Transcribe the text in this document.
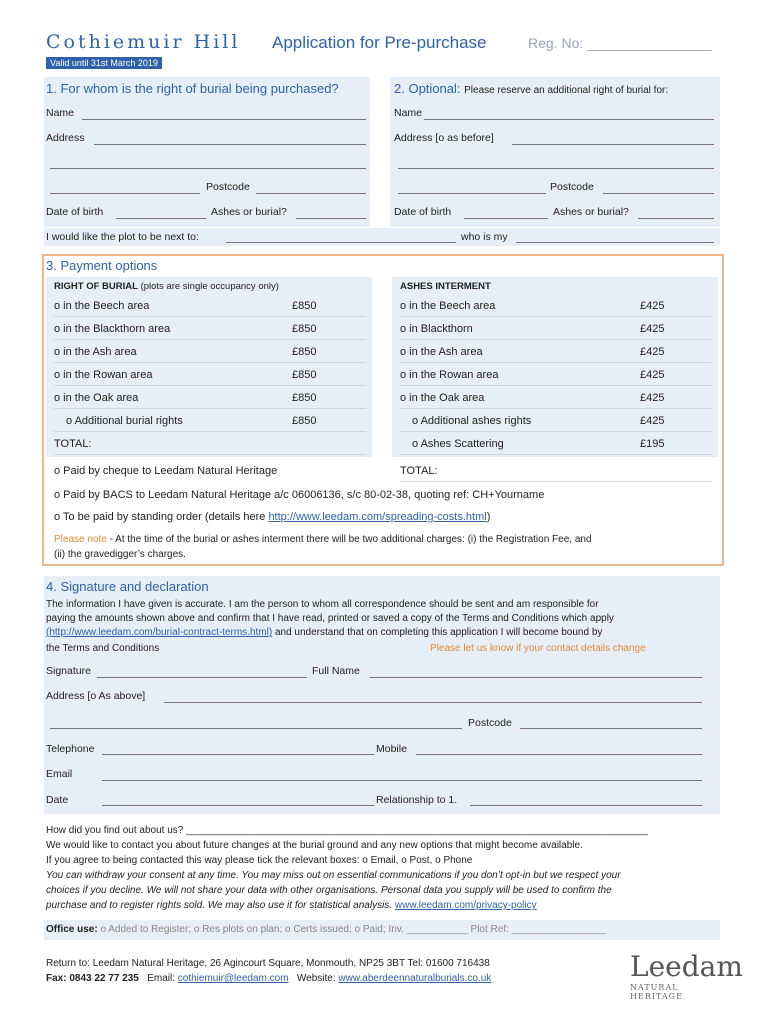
Cothiemuir Hill Application for Pre-purchase	Reg. No: ________________
Valid until 31st March 2019
1. For whom is the right of burial being purchased?
Name
Address
Postcode
Date of birth	Ashes or burial?
2. Optional: Please reserve an additional right of burial for:
Name
Address [o as before]
Postcode
Date of birth	Ashes or burial?
I would like the plot to be next to:	who is my
3. Payment options
RIGHT OF BURIAL (plots are single occupancy only)	ASHES INTERMENT
o in the Beech area	£850
o in the Blackthorn area	£850
o in the Ash area	£850
o in the Rowan area	£850
o in the Oak area	£850
o Additional burial rights	£850
TOTAL:
o in the Beech area	£425
o in Blackthorn	£425
o in the Ash area	£425
o in the Rowan area	£425
o in the Oak area	£425
o Additional ashes rights	£425
o Ashes Scattering	£195
o Paid by cheque to Leedam Natural Heritage	TOTAL:
o Paid by BACS to Leedam Natural Heritage a/c 06006136, s/c 80-02-38, quoting ref: CH+Yourname
o To be paid by standing order (details here http://www.leedam.com/spreading-costs.html)
Please note - At the time of the burial or ashes interment there will be two additional charges: (i) the Registration Fee, and
(ii) the gravedigger’s charges.
4. Signature and declaration
The information I have given is accurate. I am the person to whom all correspondence should be sent and am responsible for
paying the amounts shown above and confirm that I have read, printed or saved a copy of the Terms and Conditions which apply
(http://www.leedam.com/burial-contract-terms.html) and understand that on completing this application I will become bound by
the Terms and Conditions	Please let us know if your contact details change
Signature	Full Name
Address [o As above]
Postcode
Telephone	Mobile
Email
Date	Relationship to 1.
How did you find out about us? ___________________________________________________________________________________
We would like to contact you about future changes at the burial ground and any new options that might become available.
If you agree to being contacted this way please tick the relevant boxes: o Email, o Post, o Phone
You can withdraw your consent at any time. You may miss out on essential communications if you don’t opt-in but we respect your
choices if you decline. We will not share your data with other organisations. Personal data you supply will be used to confirm the
purchase and to register rights sold. We may also use it for statistical analysis. www.leedam.com/privacy-policy
Office use: o Added to Register; o Res plots on plan; o Certs issued; o Paid; Inv. ___________ Plot Ref: _________________
Return to: Leedam Natural Heritage, 26 Agincourt Square, Monmouth, NP25 3BT Tel: 01600 716438
Fax: 0843 22 77 235 Email: cothiemuir@leedam.com Website: www.aberdeennaturalburials.co.uk	Leedam
NATURAL HERITAGE
